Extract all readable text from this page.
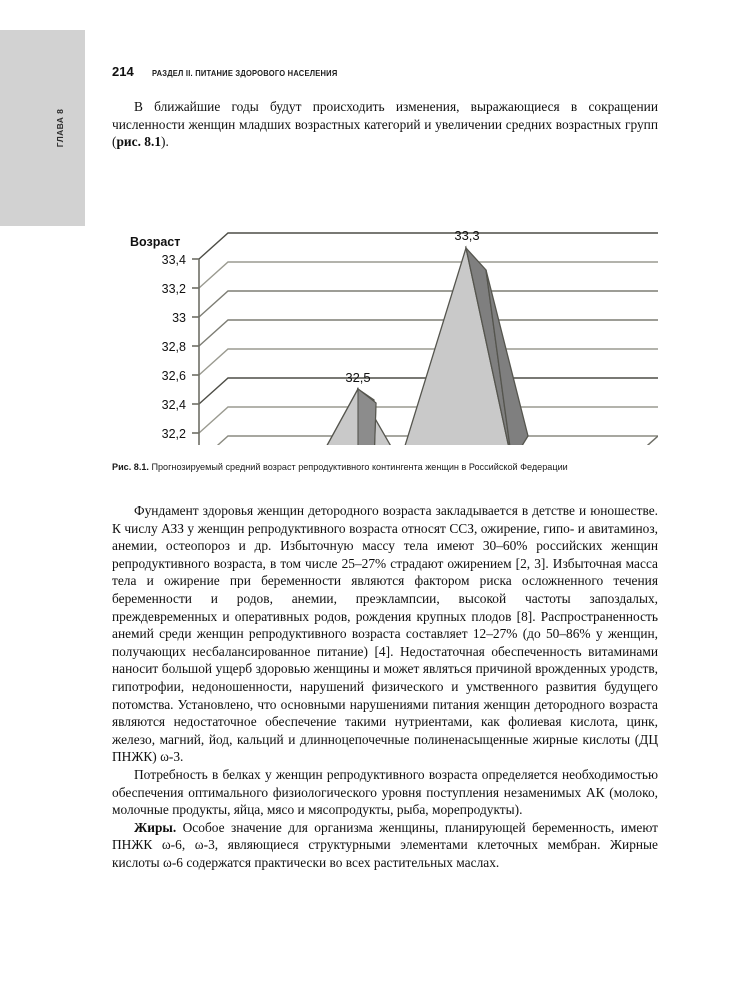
ГЛАВА 8
214 РАЗДЕЛ II. ПИТАНИЕ ЗДОРОВОГО НАСЕЛЕНИЯ

В ближайшие годы будут происходить изменения, выражающиеся в сокращении численности женщин младших возрастных категорий и увеличении средних возрастных групп (рис. 8.1).

32,5
33,3
Возраст
33,4
33,2
33
32,8
32,6
32,4
32,2
Рис. 8.1. Прогнозируемый средний возраст репродуктивного контингента женщин в Российской Федерации

Фундамент здоровья женщин детородного возраста закладывается в детстве и юношестве. К числу АЗЗ у женщин репродуктивного возраста относят ССЗ, ожирение, гипо- и авитаминоз, анемии, остеопороз и др. Избыточную массу тела имеют 30–60% российских женщин репродуктивного возраста, в том числе 25–27% страдают ожирением [2, 3]. Избыточная масса тела и ожирение при беременности являются фактором риска осложненного течения беременности и родов, анемии, преэклампсии, высокой частоты запоздалых, преждевременных и оперативных родов, рождения крупных плодов [8]. Распространенность анемий среди женщин репродуктивного возраста составляет 12–27% (до 50–86% у женщин, получающих несбалансированное питание) [4]. Недостаточная обеспеченность витаминами наносит большой ущерб здоровью женщины и может являться причиной врожденных уродств, гипотрофии, недоношенности, нарушений физического и умственного развития будущего потомства. Установлено, что основными нарушениями питания женщин детородного возраста являются недостаточное обеспечение такими нутриентами, как фолиевая кислота, цинк, железо, магний, йод, кальций и длинноцепочечные полиненасыщенные жирные кислоты (ДЦ ПНЖК) ω-3.

Потребность в белках у женщин репродуктивного возраста определяется необходимостью обеспечения оптимального физиологического уровня поступления незаменимых АК (молоко, молочные продукты, яйца, мясо и мясопродукты, рыба, морепродукты).

Жиры. Особое значение для организма женщины, планирующей беременность, имеют ПНЖК ω-6, ω-3, являющиеся структурными элементами клеточных мембран. Жирные кислоты ω-6 содержатся практически во всех растительных маслах.
